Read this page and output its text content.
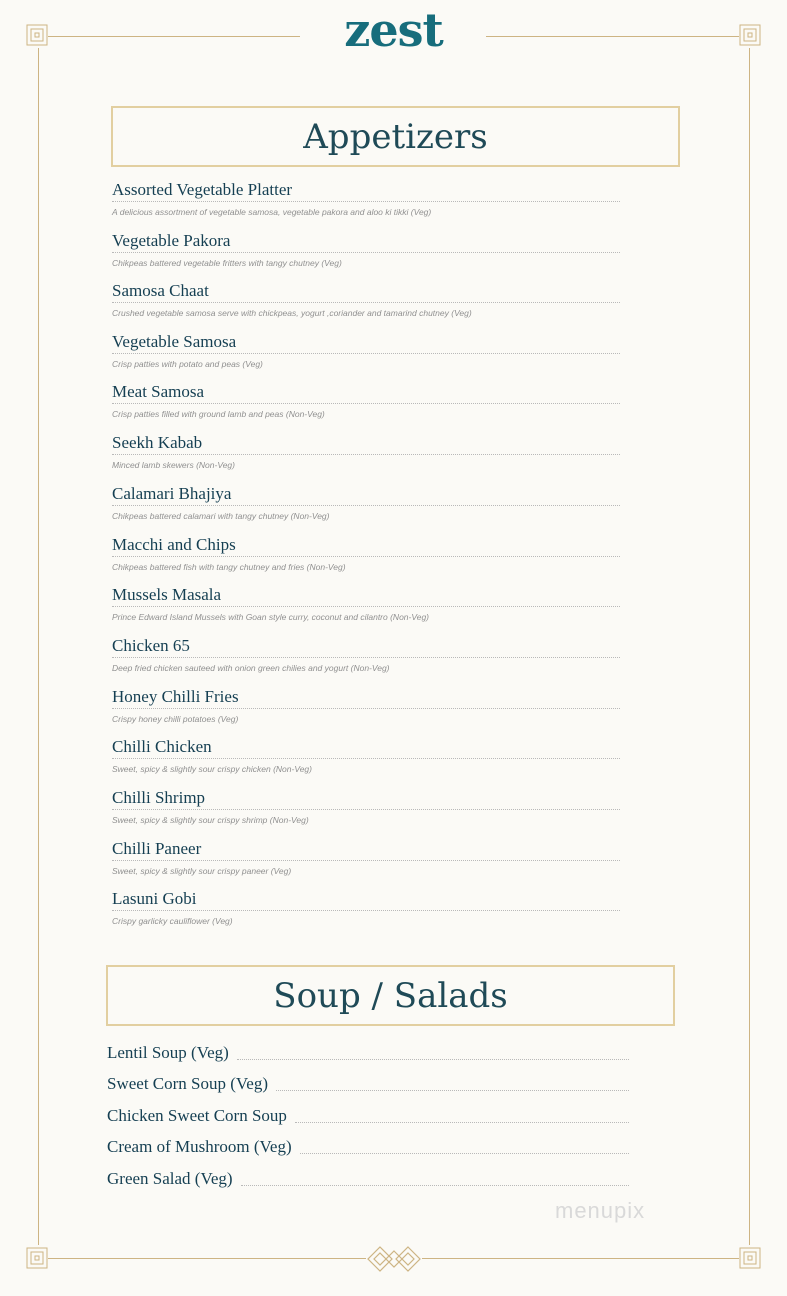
zest
Appetizers
Assorted Vegetable Platter
A delicious assortment of vegetable samosa, vegetable pakora and aloo ki tikki (Veg)
Vegetable Pakora
Chikpeas battered vegetable fritters with tangy chutney (Veg)
Samosa Chaat
Crushed vegetable samosa serve with chickpeas, yogurt ,coriander and tamarind chutney (Veg)
Vegetable Samosa
Crisp patties with potato and peas (Veg)
Meat Samosa
Crisp patties filled with ground lamb and peas (Non-Veg)
Seekh Kabab
Minced lamb skewers (Non-Veg)
Calamari Bhajiya
Chikpeas battered calamari with tangy chutney (Non-Veg)
Macchi and Chips
Chikpeas battered fish with tangy chutney and fries (Non-Veg)
Mussels Masala
Prince Edward Island Mussels with Goan style curry, coconut and cilantro (Non-Veg)
Chicken 65
Deep fried chicken sauteed with onion green chilies and yogurt (Non-Veg)
Honey Chilli Fries
Crispy honey chilli potatoes (Veg)
Chilli Chicken
Sweet, spicy & slightly sour crispy chicken (Non-Veg)
Chilli Shrimp
Sweet, spicy & slightly sour crispy shrimp (Non-Veg)
Chilli Paneer
Sweet, spicy & slightly sour crispy paneer (Veg)
Lasuni Gobi
Crispy garlicky cauliflower (Veg)
Soup / Salads
Lentil Soup (Veg)
Sweet Corn Soup (Veg)
Chicken Sweet Corn Soup
Cream of Mushroom (Veg)
Green Salad (Veg)
menupix
